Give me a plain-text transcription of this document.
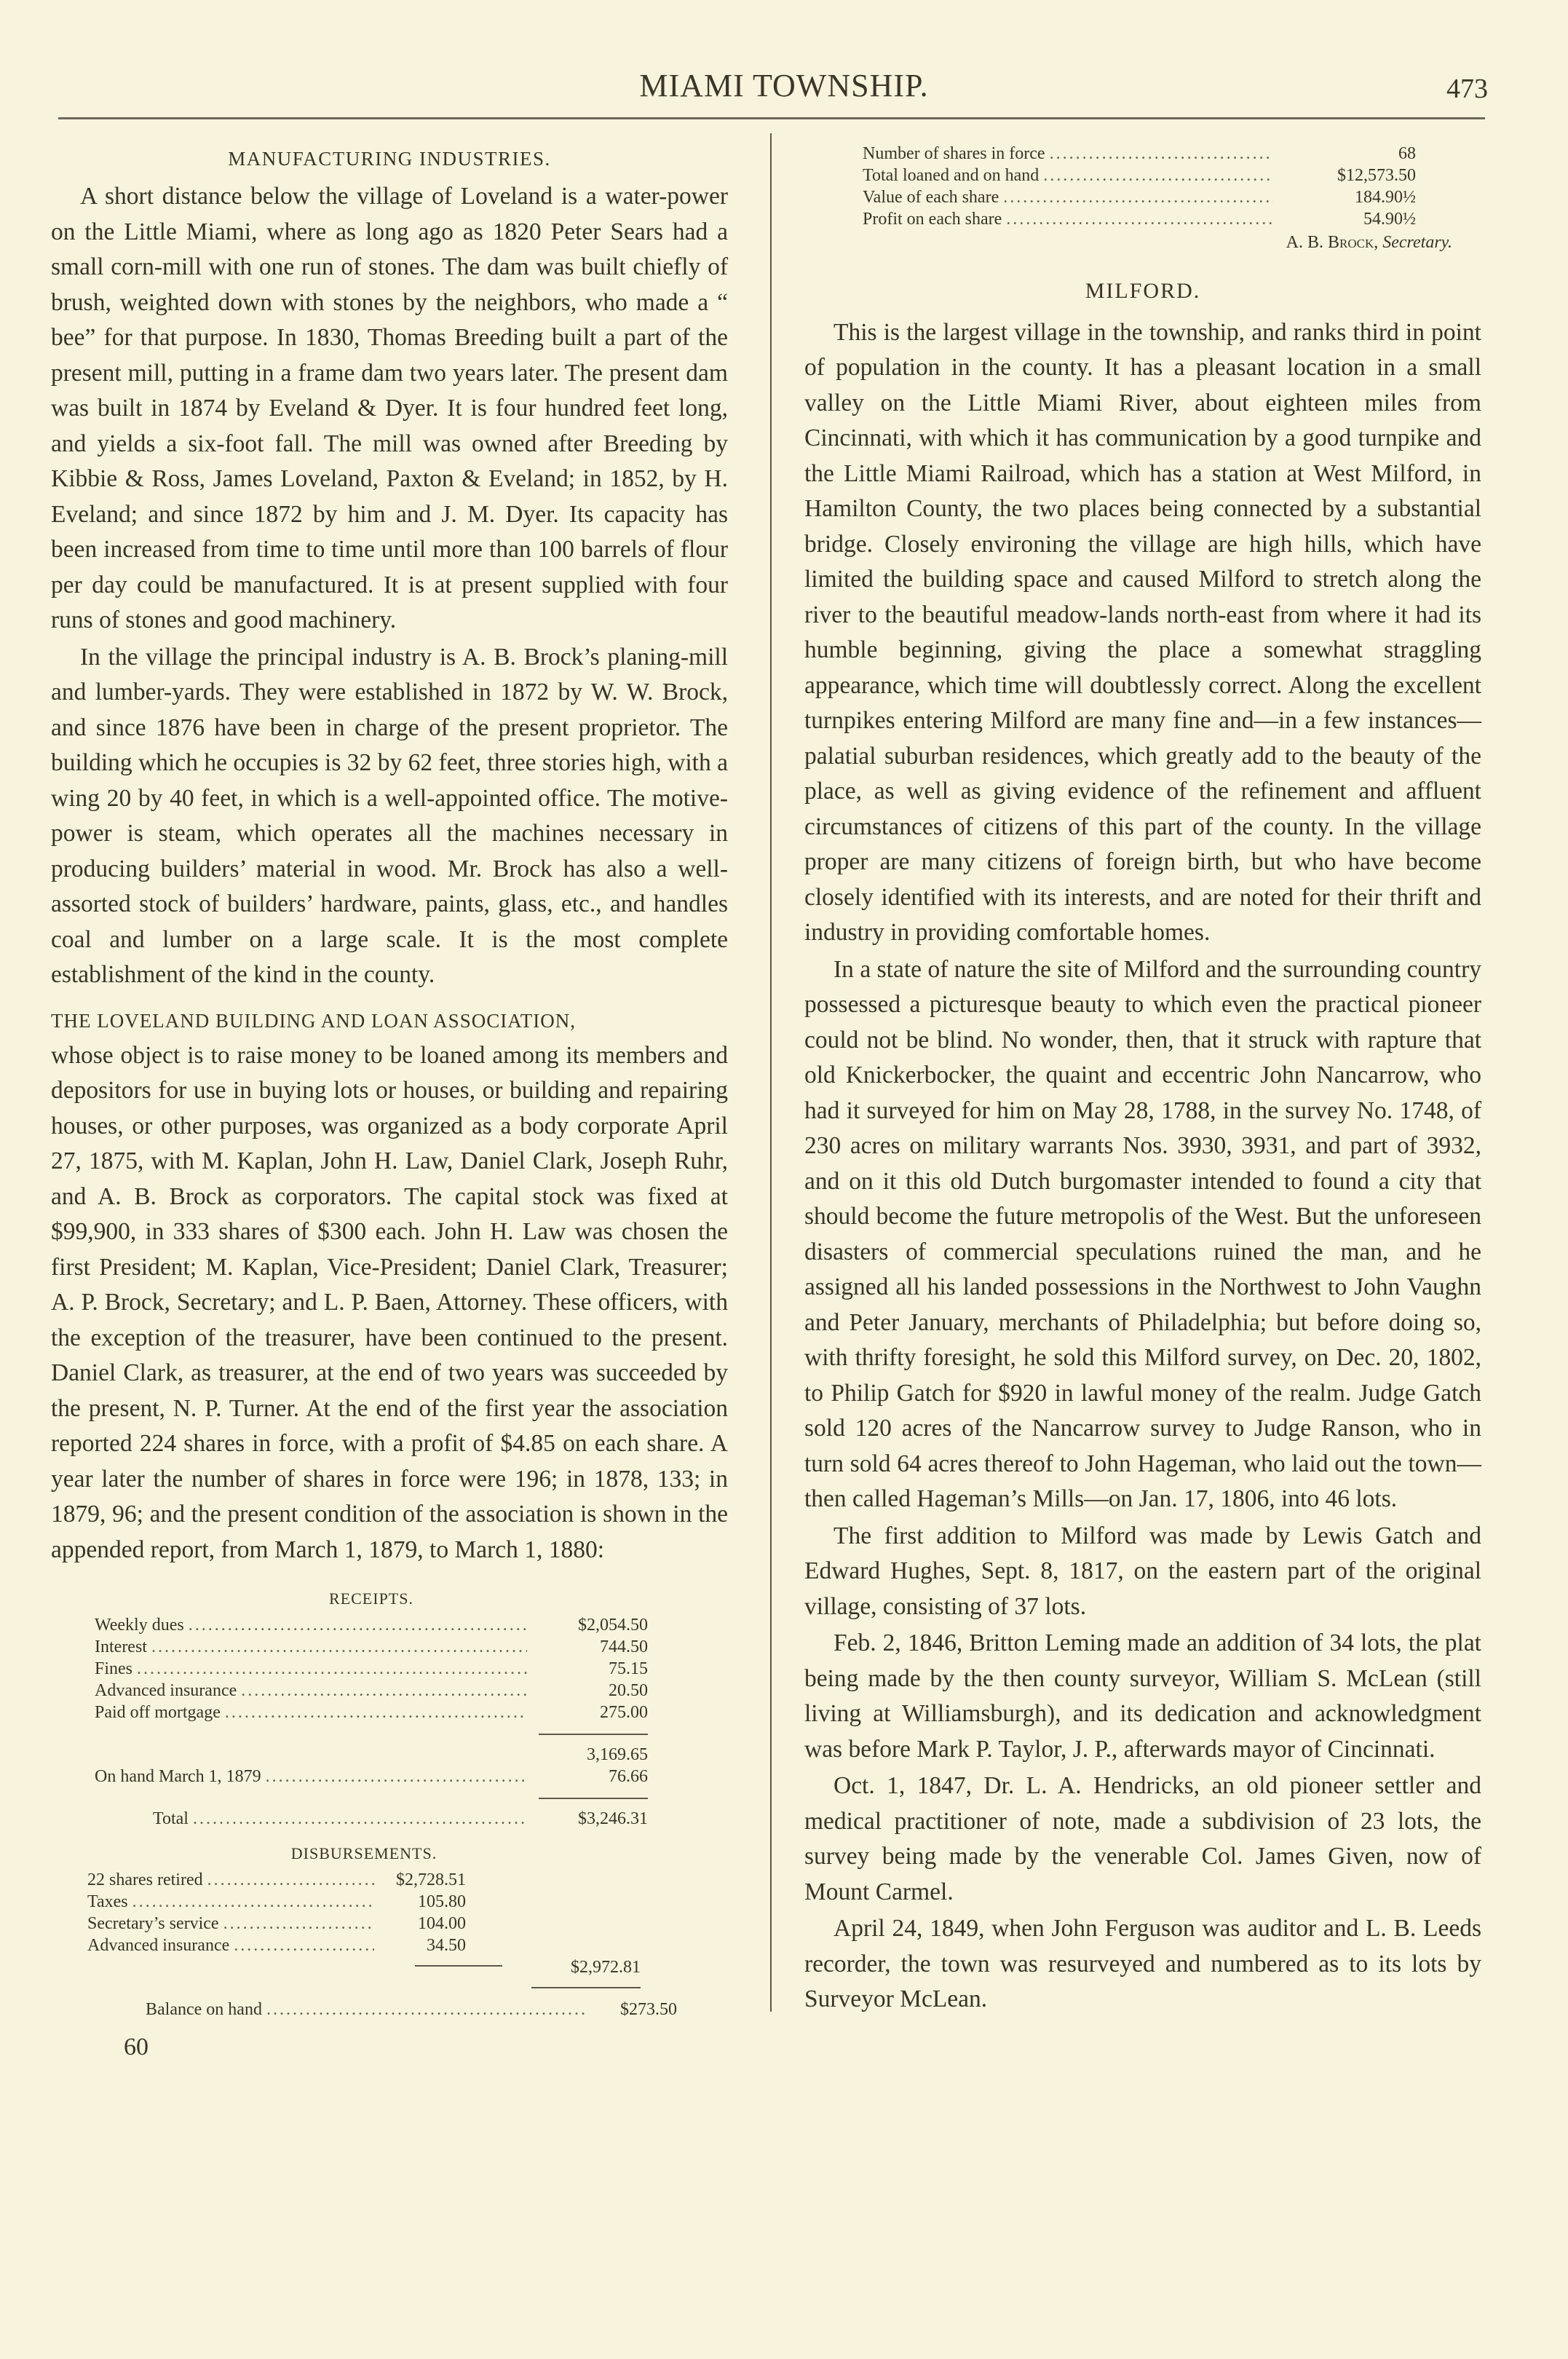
MIAMI TOWNSHIP.	473
MANUFACTURING INDUSTRIES.

A short distance below the village of Loveland is a water-power on the Little Miami, where as long ago as 1820 Peter Sears had a small corn-mill with one run of stones. The dam was built chiefly of brush, weighted down with stones by the neighbors, who made a “ bee” for that purpose. In 1830, Thomas Breeding built a part of the present mill, putting in a frame dam two years later. The present dam was built in 1874 by Eveland & Dyer. It is four hundred feet long, and yields a six-foot fall. The mill was owned after Breeding by Kibbie & Ross, James Loveland, Paxton & Eveland; in 1852, by H. Eveland; and since 1872 by him and J. M. Dyer. Its capacity has been increased from time to time until more than 100 barrels of flour per day could be manufactured. It is at present supplied with four runs of stones and good machinery.

In the village the principal industry is A. B. Brock’s planing-mill and lumber-yards. They were established in 1872 by W. W. Brock, and since 1876 have been in charge of the present proprietor. The building which he occupies is 32 by 62 feet, three stories high, with a wing 20 by 40 feet, in which is a well-appointed office. The motive-power is steam, which operates all the machines necessary in producing builders’ material in wood. Mr. Brock has also a well-assorted stock of builders’ hardware, paints, glass, etc., and handles coal and lumber on a large scale. It is the most complete establishment of the kind in the county.

THE LOVELAND BUILDING AND LOAN ASSOCIATION,

whose object is to raise money to be loaned among its members and depositors for use in buying lots or houses, or building and repairing houses, or other purposes, was organized as a body corporate April 27, 1875, with M. Kaplan, John H. Law, Daniel Clark, Joseph Ruhr, and A. B. Brock as corporators. The capital stock was fixed at $99,900, in 333 shares of $300 each. John H. Law was chosen the first President; M. Kaplan, Vice-President; Daniel Clark, Treasurer; A. P. Brock, Secretary; and L. P. Baen, Attorney. These officers, with the exception of the treasurer, have been continued to the present. Daniel Clark, as treasurer, at the end of two years was succeeded by the present, N. P. Turner. At the end of the first year the association reported 224 shares in force, with a profit of $4.85 on each share. A year later the number of shares in force were 196; in 1878, 133; in 1879, 96; and the present condition of the association is shown in the appended report, from March 1, 1879, to March 1, 1880:

RECEIPTS.
Weekly dues .....	$2,054.50
Interest .....	744.50
Fines .....	75.15
Advanced insurance .....	20.50
Paid off mortgage .....	275.00
3,169.65
On hand March 1, 1879 .....	76.66
Total .....	$3,246.31
DISBURSEMENTS.
22 shares retired .....	$2,728.51
Taxes .....	105.80
Secretary’s service .....	104.00
Advanced insurance .....	34.50
$2,972.81
Balance on hand .....	$273.50
60
Number of shares in force .....	68
Total loaned and on hand .....	$12,573.50
Value of each share .....	184.90½
Profit on each share .....	54.90½
A. B. Brock, Secretary.
MILFORD.

This is the largest village in the township, and ranks third in point of population in the county. It has a pleasant location in a small valley on the Little Miami River, about eighteen miles from Cincinnati, with which it has communication by a good turnpike and the Little Miami Railroad, which has a station at West Milford, in Hamilton County, the two places being connected by a substantial bridge. Closely environing the village are high hills, which have limited the building space and caused Milford to stretch along the river to the beautiful meadow-lands north-east from where it had its humble beginning, giving the place a somewhat straggling appearance, which time will doubtlessly correct. Along the excellent turnpikes entering Milford are many fine and—in a few instances—palatial suburban residences, which greatly add to the beauty of the place, as well as giving evidence of the refinement and affluent circumstances of citizens of this part of the county. In the village proper are many citizens of foreign birth, but who have become closely identified with its interests, and are noted for their thrift and industry in providing comfortable homes.

In a state of nature the site of Milford and the surrounding country possessed a picturesque beauty to which even the practical pioneer could not be blind. No wonder, then, that it struck with rapture that old Knickerbocker, the quaint and eccentric John Nancarrow, who had it surveyed for him on May 28, 1788, in the survey No. 1748, of 230 acres on military warrants Nos. 3930, 3931, and part of 3932, and on it this old Dutch burgomaster intended to found a city that should become the future metropolis of the West. But the unforeseen disasters of commercial speculations ruined the man, and he assigned all his landed possessions in the Northwest to John Vaughn and Peter January, merchants of Philadelphia; but before doing so, with thrifty foresight, he sold this Milford survey, on Dec. 20, 1802, to Philip Gatch for $920 in lawful money of the realm. Judge Gatch sold 120 acres of the Nancarrow survey to Judge Ranson, who in turn sold 64 acres thereof to John Hageman, who laid out the town—then called Hageman’s Mills—on Jan. 17, 1806, into 46 lots.

The first addition to Milford was made by Lewis Gatch and Edward Hughes, Sept. 8, 1817, on the eastern part of the original village, consisting of 37 lots.

Feb. 2, 1846, Britton Leming made an addition of 34 lots, the plat being made by the then county surveyor, William S. McLean (still living at Williamsburgh), and its dedication and acknowledgment was before Mark P. Taylor, J. P., afterwards mayor of Cincinnati.

Oct. 1, 1847, Dr. L. A. Hendricks, an old pioneer settler and medical practitioner of note, made a subdivision of 23 lots, the survey being made by the venerable Col. James Given, now of Mount Carmel.

April 24, 1849, when John Ferguson was auditor and L. B. Leeds recorder, the town was resurveyed and numbered as to its lots by Surveyor McLean.
